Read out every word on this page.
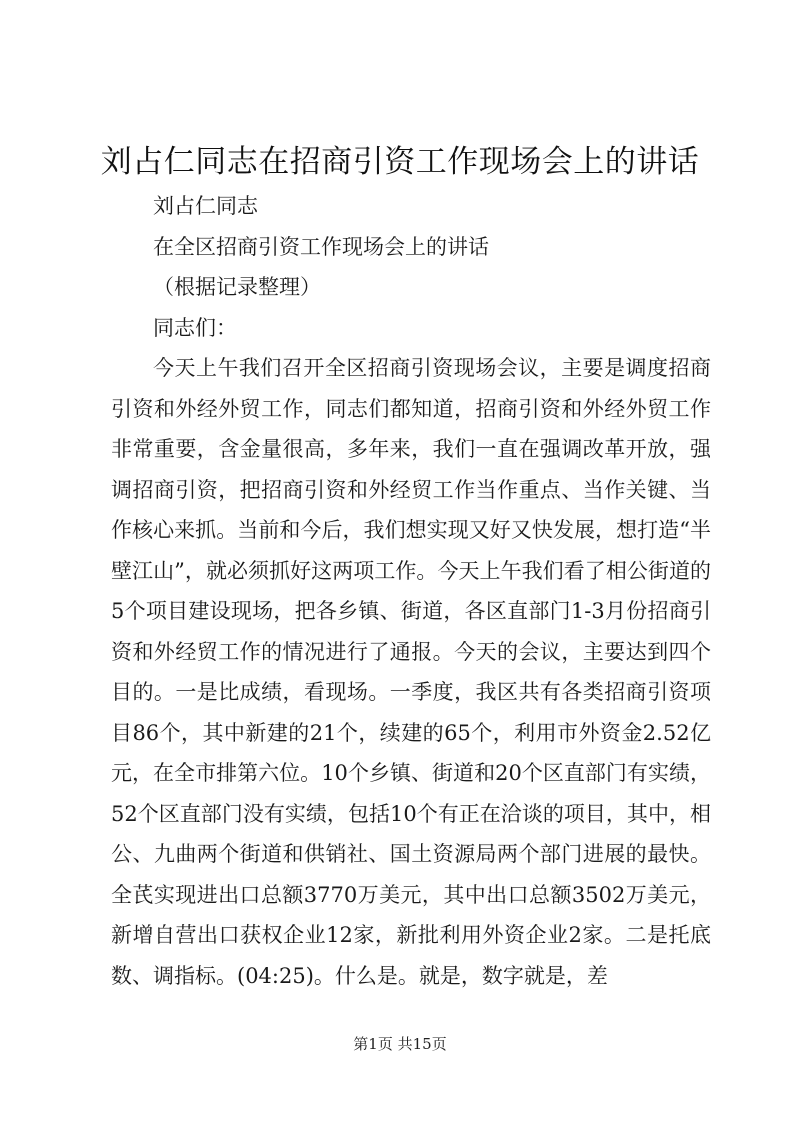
刘占仁同志在招商引资工作现场会上的讲话

刘占仁同志

在全区招商引资工作现场会上的讲话

（根据记录整理）

同志们：

今天上午我们召开全区招商引资现场会议，主要是调度招商引资和外经外贸工作，同志们都知道，招商引资和外经外贸工作非常重要，含金量很高，多年来，我们一直在强调改革开放，强调招商引资，把招商引资和外经贸工作当作重点、当作关键、当作核心来抓。当前和今后，我们想实现又好又快发展，想打造“半壁江山”，就必须抓好这两项工作。今天上午我们看了相公街道的5个项目建设现场，把各乡镇、街道，各区直部门1-3月份招商引资和外经贸工作的情况进行了通报。今天的会议，主要达到四个目的。一是比成绩，看现场。一季度，我区共有各类招商引资项目86个，其中新建的21个，续建的65个，利用市外资金2.52亿元，在全市排第六位。10个乡镇、街道和20个区直部门有实绩，52个区直部门没有实绩，包括10个有正在洽谈的项目，其中，相公、九曲两个街道和供销社、国土资源局两个部门进展的最快。全芪实现进出口总额3770万美元，其中出口总额3502万美元，新增自营出口获权企业12家，新批利用外资企业2家。二是托底数、调指标。(04:25)。什么是。就是，数字就是，差

第1页 共15页
